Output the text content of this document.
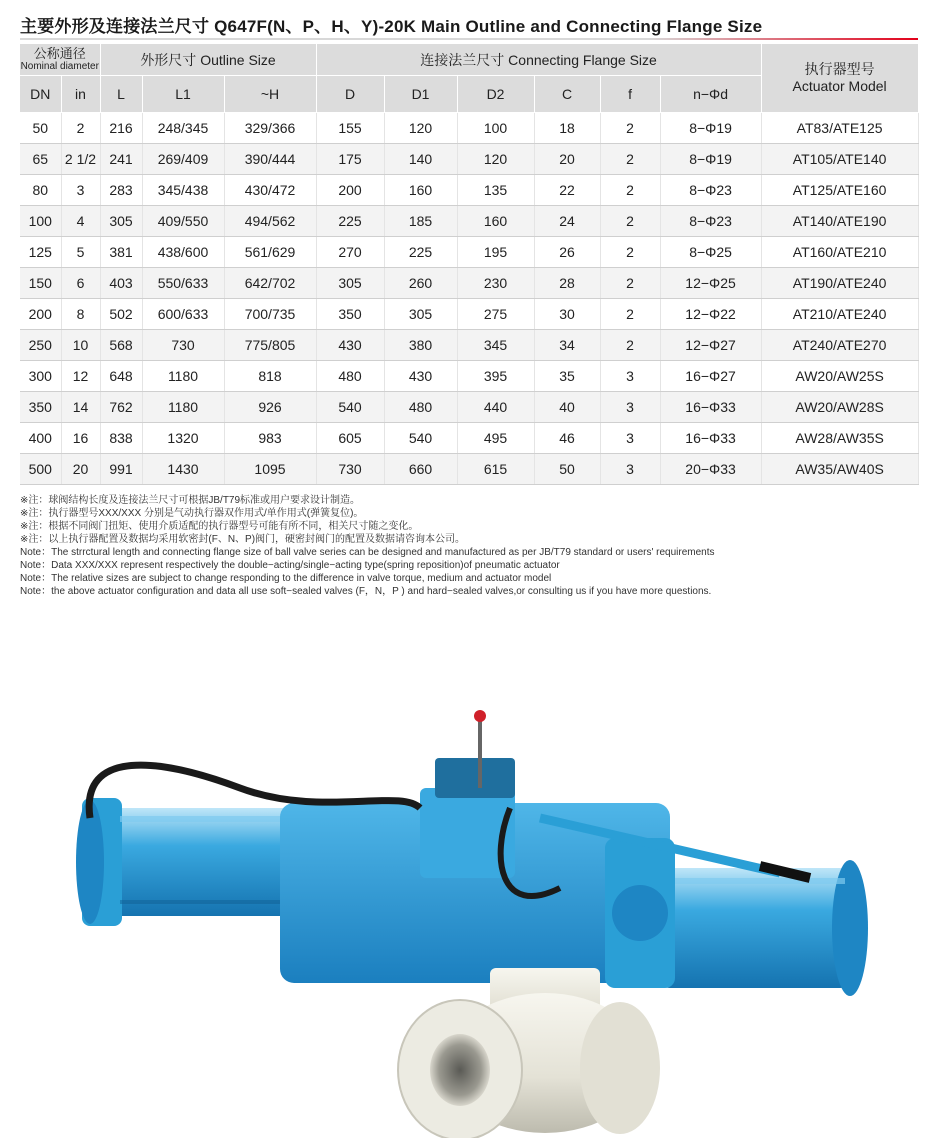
主要外形及连接法兰尺寸 Q647F(N、P、H、Y)-20K Main Outline and Connecting Flange Size
公称通径
Nominal diameter		外形尺寸 Outline Size			连接法兰尺寸 Connecting Flange Size						执行器型号
Actuator Model

DN	in	L	L1	~H	D	D1	D2	C	f	n−Φd	
50	2	216	248/345	329/366	155	120	100	18	2	8−Φ19	AT83/ATE125
65	2 1/2	241	269/409	390/444	175	140	120	20	2	8−Φ19	AT105/ATE140
80	3	283	345/438	430/472	200	160	135	22	2	8−Φ23	AT125/ATE160
100	4	305	409/550	494/562	225	185	160	24	2	8−Φ23	AT140/ATE190
125	5	381	438/600	561/629	270	225	195	26	2	8−Φ25	AT160/ATE210
150	6	403	550/633	642/702	305	260	230	28	2	12−Φ25	AT190/ATE240
200	8	502	600/633	700/735	350	305	275	30	2	12−Φ22	AT210/ATE240
250	10	568	730	775/805	430	380	345	34	2	12−Φ27	AT240/ATE270
300	12	648	1180	818	480	430	395	35	3	16−Φ27	AW20/AW25S
350	14	762	1180	926	540	480	440	40	3	16−Φ33	AW20/AW28S
400	16	838	1320	983	605	540	495	46	3	16−Φ33	AW28/AW35S
500	20	991	1430	1095	730	660	615	50	3	20−Φ33	AW35/AW40S
※注：球阀结构长度及连接法兰尺寸可根据JB/T79标准或用户要求设计制造。
※注：执行器型号XXX/XXX 分别是气动执行器双作用式/单作用式(弹簧复位)。
※注：根据不同阀门扭矩、使用介质适配的执行器型号可能有所不同，相关尺寸随之变化。
※注：以上执行器配置及数据均采用软密封(F、N、P)阀门，硬密封阀门的配置及数据请咨询本公司。
Note：The strrctural length and connecting flange size of ball valve series can be designed and manufactured as per JB/T79 standard or users' requirements
Note：Data XXX/XXX represent respectively the double−acting/single−acting type(spring reposition)of pneumatic actuator
Note：The relative sizes are subject to change responding to the difference in valve torque, medium and actuator model
Note：the above actuator configuration and data all use soft−sealed valves (F，N，P ) and hard−sealed valves,or consulting us if you have more questions.
